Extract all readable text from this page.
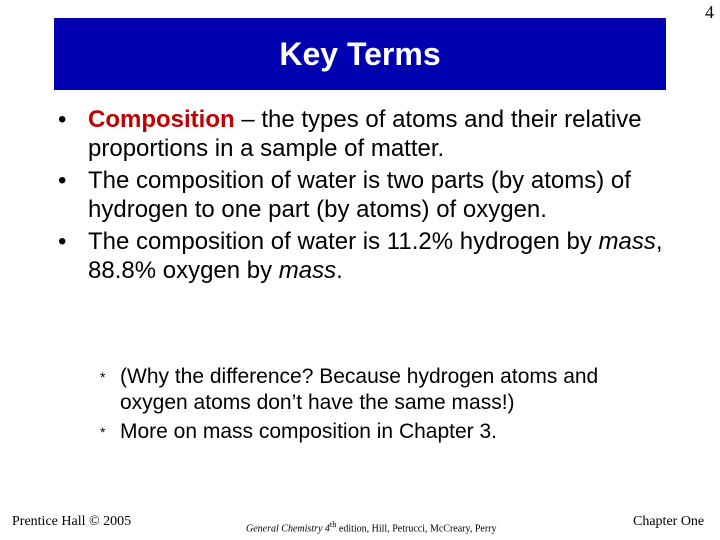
4
Key Terms
• Composition – the types of atoms and their relative proportions in a sample of matter.
• The composition of water is two parts (by atoms) of hydrogen to one part (by atoms) of oxygen.
• The composition of water is 11.2% hydrogen by mass, 88.8% oxygen by mass.
* (Why the difference? Because hydrogen atoms and oxygen atoms don’t have the same mass!)
* More on mass composition in Chapter 3.
Prentice Hall © 2005	General Chemistry 4th edition, Hill, Petrucci, McCreary, Perry	Chapter One
